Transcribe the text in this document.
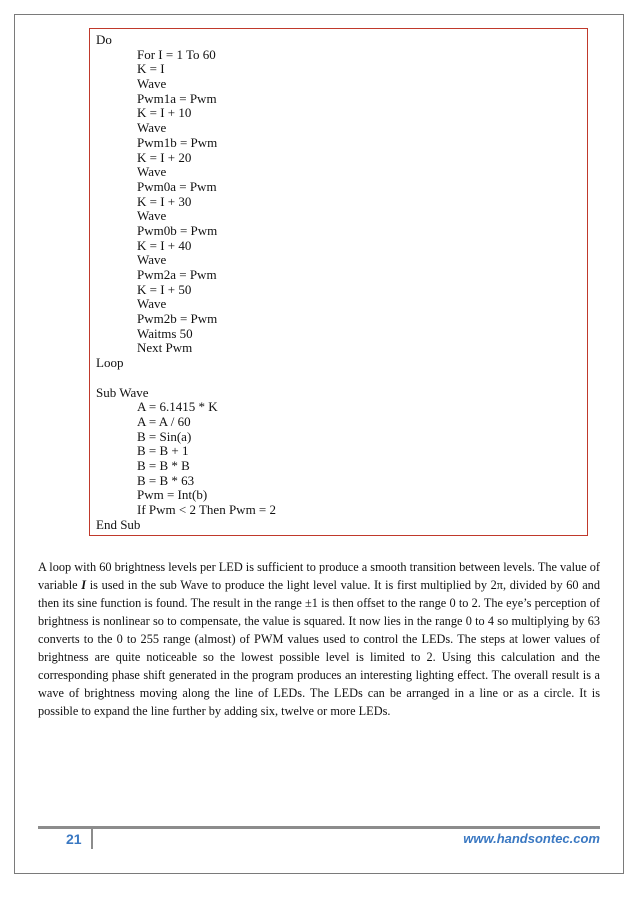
Do
For I = 1 To 60
K = I
Wave
Pwm1a = Pwm
K = I + 10
Wave
Pwm1b = Pwm
K = I + 20
Wave
Pwm0a = Pwm
K = I + 30
Wave
Pwm0b = Pwm
K = I + 40
Wave
Pwm2a = Pwm
K = I + 50
Wave
Pwm2b = Pwm
Waitms 50
Next Pwm
Loop
Sub Wave
A = 6.1415 * K
A = A / 60
B = Sin(a)
B = B + 1
B = B * B
B = B * 63
Pwm = Int(b)
If Pwm < 2 Then Pwm = 2
End Sub

A loop with 60 brightness levels per LED is sufficient to produce a smooth transition between levels. The value of variable I is used in the sub Wave to produce the light level value. It is first multiplied by 2π, divided by 60 and then its sine function is found. The result in the range ±1 is then offset to the range 0 to 2. The eye’s perception of brightness is nonlinear so to compensate, the value is squared. It now lies in the range 0 to 4 so multiplying by 63 converts to the 0 to 255 range (almost) of PWM values used to control the LEDs. The steps at lower values of brightness are quite noticeable so the lowest possible level is limited to 2. Using this calculation and the corresponding phase shift generated in the program produces an interesting lighting effect. The overall result is a wave of brightness moving along the line of LEDs. The LEDs can be arranged in a line or as a circle. It is possible to expand the line further by adding six, twelve or more LEDs.

21	www.handsontec.com
